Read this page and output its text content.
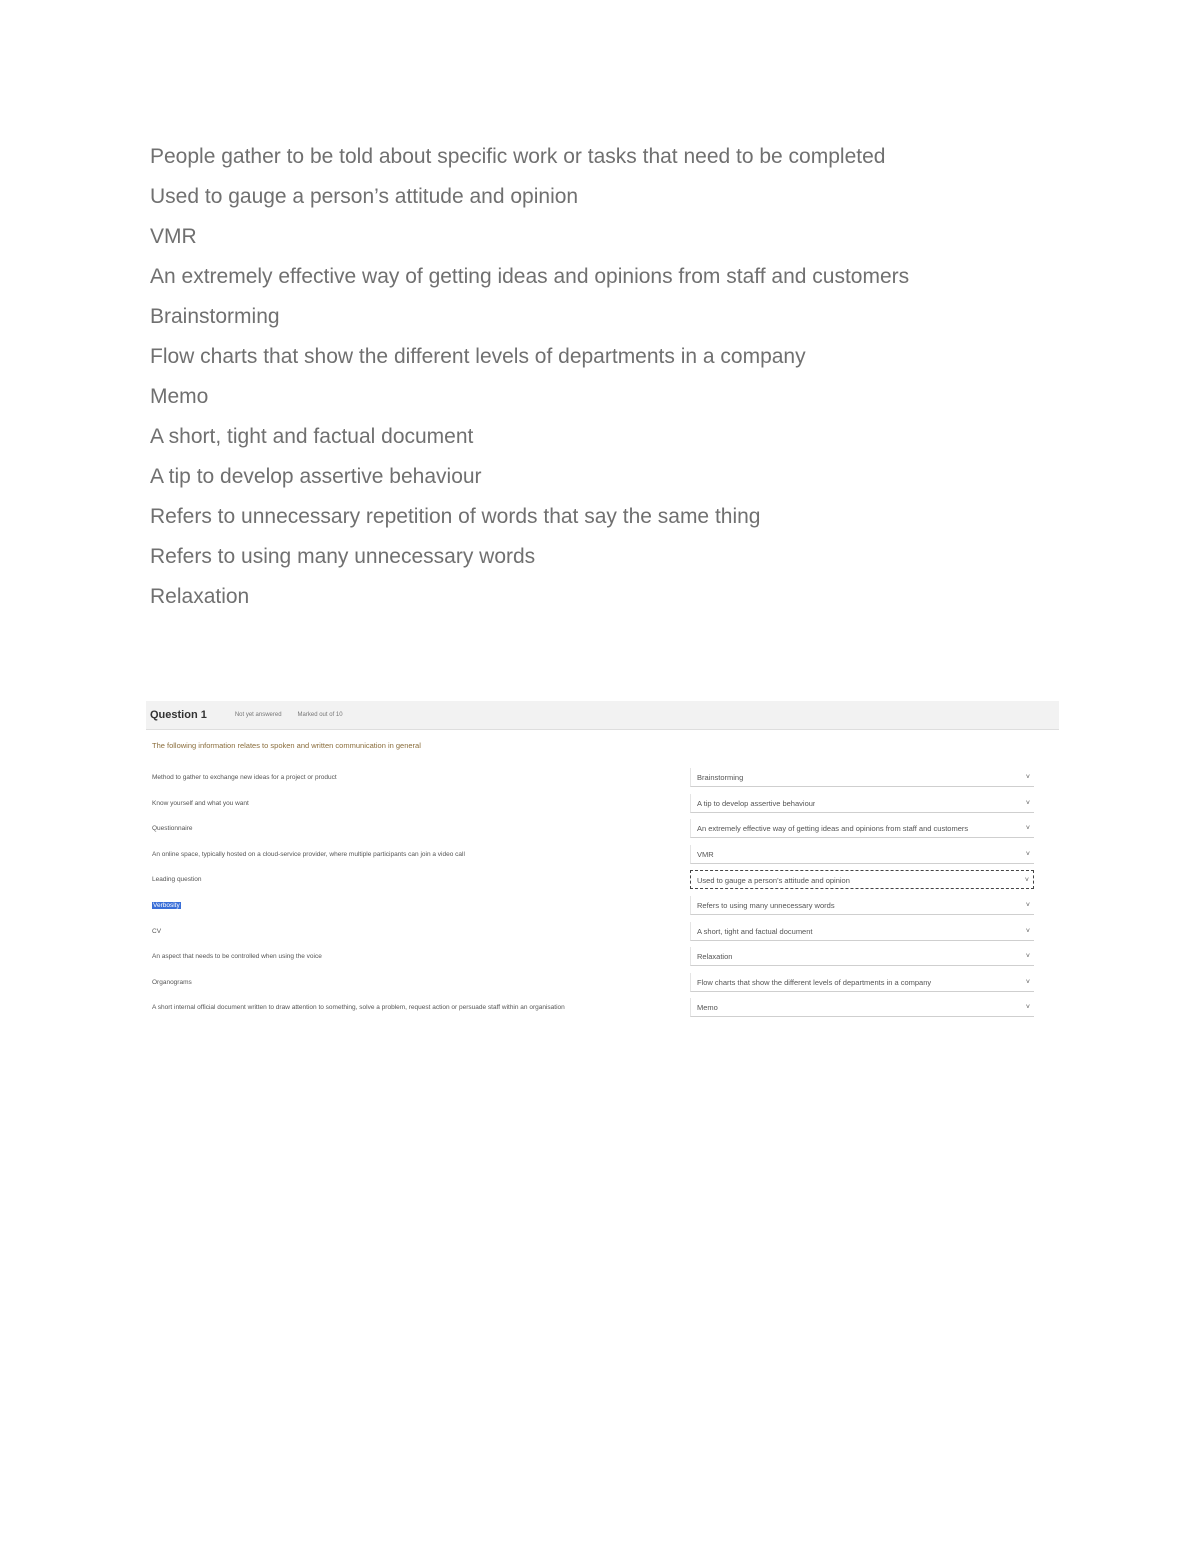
People gather to be told about specific work or tasks that need to be completed
Used to gauge a person’s attitude and opinion
VMR
An extremely effective way of getting ideas and opinions from staff and customers
Brainstorming
Flow charts that show the different levels of departments in a company
Memo
A short, tight and factual document
A tip to develop assertive behaviour
Refers to unnecessary repetition of words that say the same thing
Refers to using many unnecessary words
Relaxation
Question 1	Not yet answered	Marked out of 10
The following information relates to spoken and written communication in general
Method to gather to exchange new ideas for a project or product	Brainstorming	˅
Know yourself and what you want	A tip to develop assertive behaviour	˅
Questionnaire	An extremely effective way of getting ideas and opinions from staff and customers	˅
An online space, typically hosted on a cloud-service provider, where multiple participants can join a video call	VMR	˅
Leading question	Used to gauge a person’s attitude and opinion	˅
Verbosity	Refers to using many unnecessary words	˅
CV	A short, tight and factual document	˅
An aspect that needs to be controlled when using the voice	Relaxation	˅
Organograms	Flow charts that show the different levels of departments in a company	˅
A short internal official document written to draw attention to something, solve a problem, request action or persuade staff within an organisation	Memo	˅
